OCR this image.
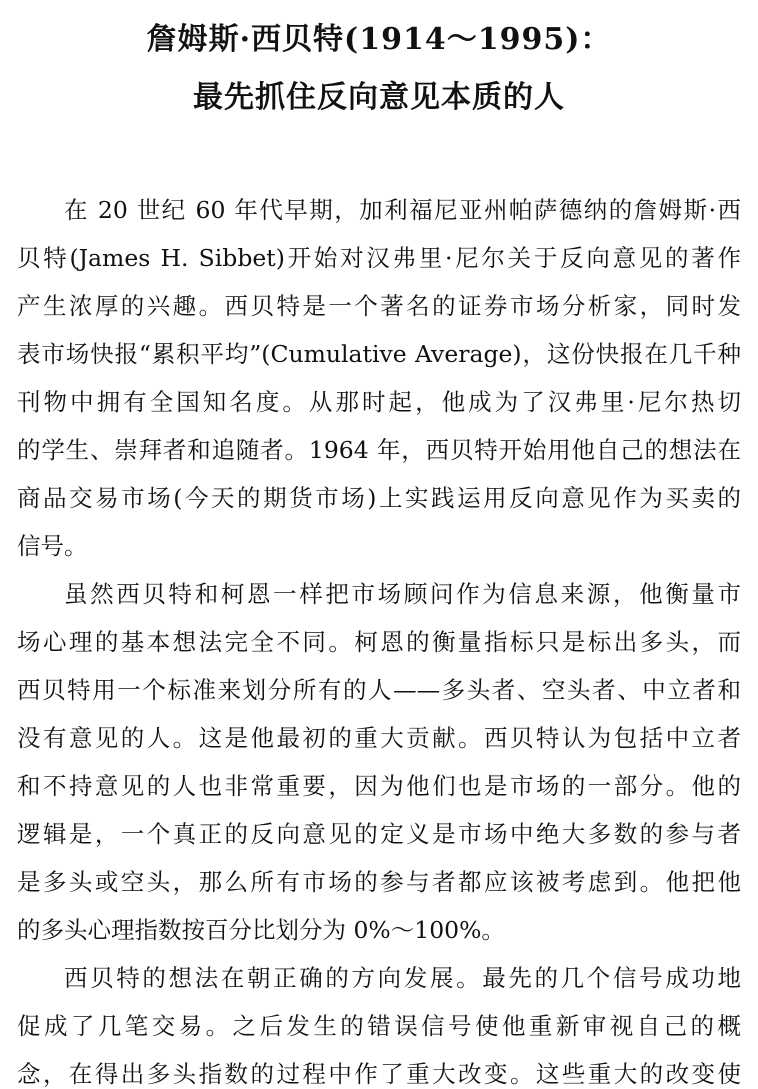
詹姆斯·西贝特(1914～1995)：
最先抓住反向意见本质的人
在 20 世纪 60 年代早期，加利福尼亚州帕萨德纳的詹姆斯·西
贝特(James H. Sibbet)开始对汉弗里·尼尔关于反向意见的著作
产生浓厚的兴趣。西贝特是一个著名的证券市场分析家，同时发
表市场快报“累积平均”(Cumulative Average)，这份快报在几千种
刊物中拥有全国知名度。从那时起，他成为了汉弗里·尼尔热切
的学生、崇拜者和追随者。1964 年，西贝特开始用他自己的想法在
商品交易市场(今天的期货市场)上实践运用反向意见作为买卖的
信号。
虽然西贝特和柯恩一样把市场顾问作为信息来源，他衡量市
场心理的基本想法完全不同。柯恩的衡量指标只是标出多头，而
西贝特用一个标准来划分所有的人——多头者、空头者、中立者和
没有意见的人。这是他最初的重大贡献。西贝特认为包括中立者
和不持意见的人也非常重要，因为他们也是市场的一部分。他的
逻辑是，一个真正的反向意见的定义是市场中绝大多数的参与者
是多头或空头，那么所有市场的参与者都应该被考虑到。他把他
的多头心理指数按百分比划分为 0%～100%。
西贝特的想法在朝正确的方向发展。最先的几个信号成功地
促成了几笔交易。之后发生的错误信号使他重新审视自己的概
念，在得出多头指数的过程中作了重大改变。这些重大的改变使
